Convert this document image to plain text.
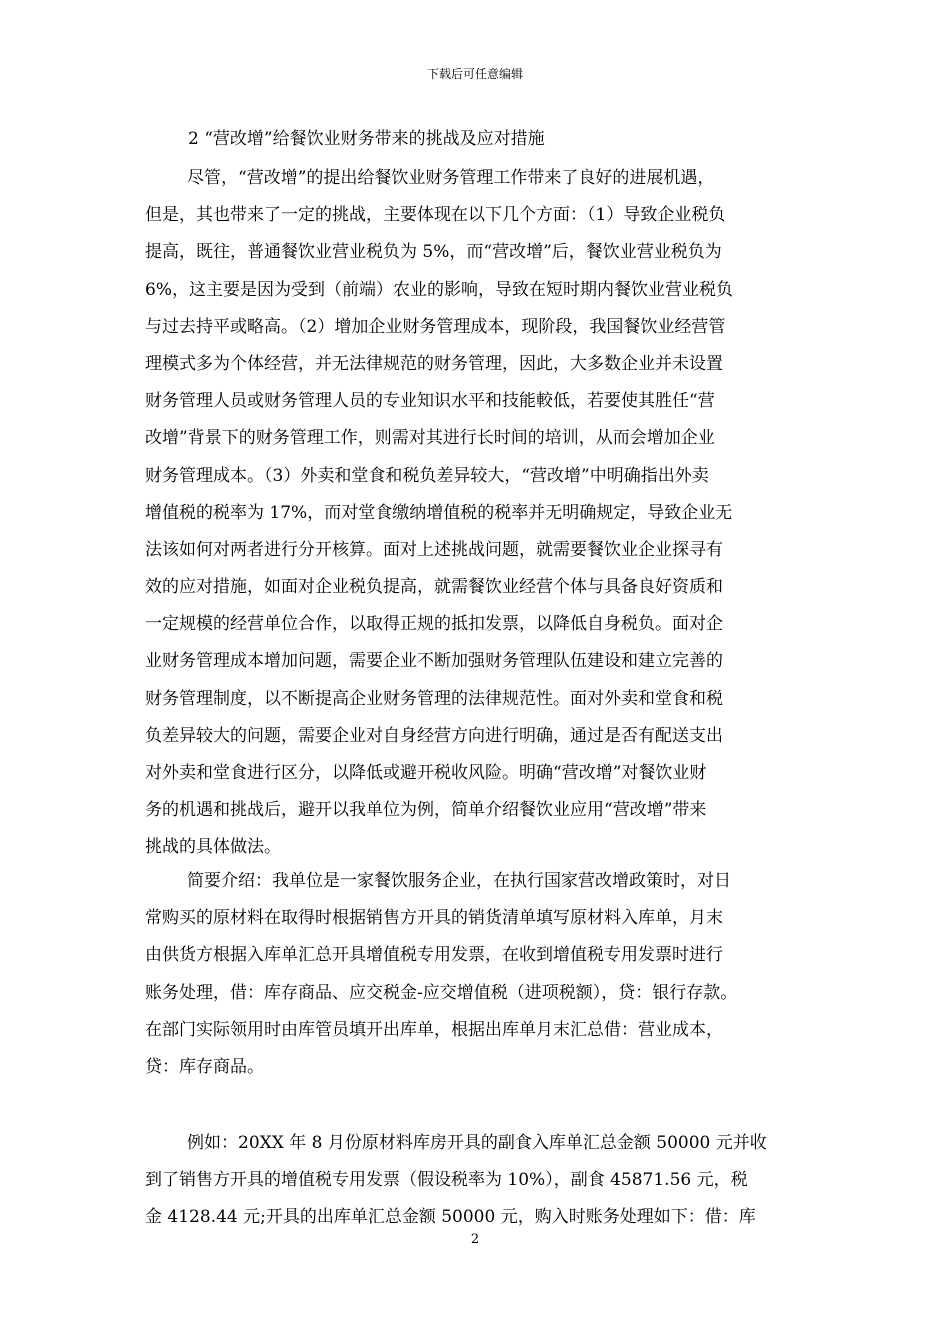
下载后可任意编辑
2 “营改增”给餐饮业财务带来的挑战及应对措施
尽管，“营改增”的提出给餐饮业财务管理工作带来了良好的进展机遇，
但是，其也带来了一定的挑战，主要体现在以下几个方面：（1）导致企业税负
提高，既往，普通餐饮业营业税负为 5%，而“营改增”后，餐饮业营业税负为
6%，这主要是因为受到（前端）农业的影响，导致在短时期内餐饮业营业税负
与过去持平或略高。（2）增加企业财务管理成本，现阶段，我国餐饮业经营管
理模式多为个体经营，并无法律规范的财务管理，因此，大多数企业并未设置
财务管理人员或财务管理人员的专业知识水平和技能較低，若要使其胜任“营
改增”背景下的财务管理工作，则需对其进行长时间的培训，从而会增加企业
财务管理成本。（3）外卖和堂食和税负差异较大，“营改增”中明确指出外卖
增值税的税率为 17%，而对堂食缴纳增值税的税率并无明确规定，导致企业无
法该如何对两者进行分开核算。面对上述挑战问题，就需要餐饮业企业探寻有
效的应对措施，如面对企业税负提高，就需餐饮业经营个体与具备良好资质和
一定规模的经营单位合作，以取得正规的抵扣发票，以降低自身税负。面对企
业财务管理成本增加问题，需要企业不断加强财务管理队伍建设和建立完善的
财务管理制度，以不断提高企业财务管理的法律规范性。面对外卖和堂食和税
负差异较大的问题，需要企业对自身经营方向进行明确，通过是否有配送支出
对外卖和堂食进行区分，以降低或避开税收风险。明确“营改增”对餐饮业财
务的机遇和挑战后，避开以我单位为例，简单介绍餐饮业应用“营改增”带来
挑战的具体做法。
简要介绍：我单位是一家餐饮服务企业，在执行国家营改增政策时，对日
常购买的原材料在取得时根据销售方开具的销货清单填写原材料入库单，月末
由供货方根据入库单汇总开具增值税专用发票，在收到增值税专用发票时进行
账务处理，借：库存商品、应交税金-应交增值税（进项税额），贷：银行存款。
在部门实际领用时由库管员填开出库单，根据出库单月末汇总借：营业成本，
贷：库存商品。
例如：20XX 年 8 月份原材料库房开具的副食入库单汇总金额 50000 元并收
到了销售方开具的增值税专用发票（假设税率为 10%），副食 45871.56 元，税
金 4128.44 元;开具的出库单汇总金额 50000 元，购入时账务处理如下：借：库
2
